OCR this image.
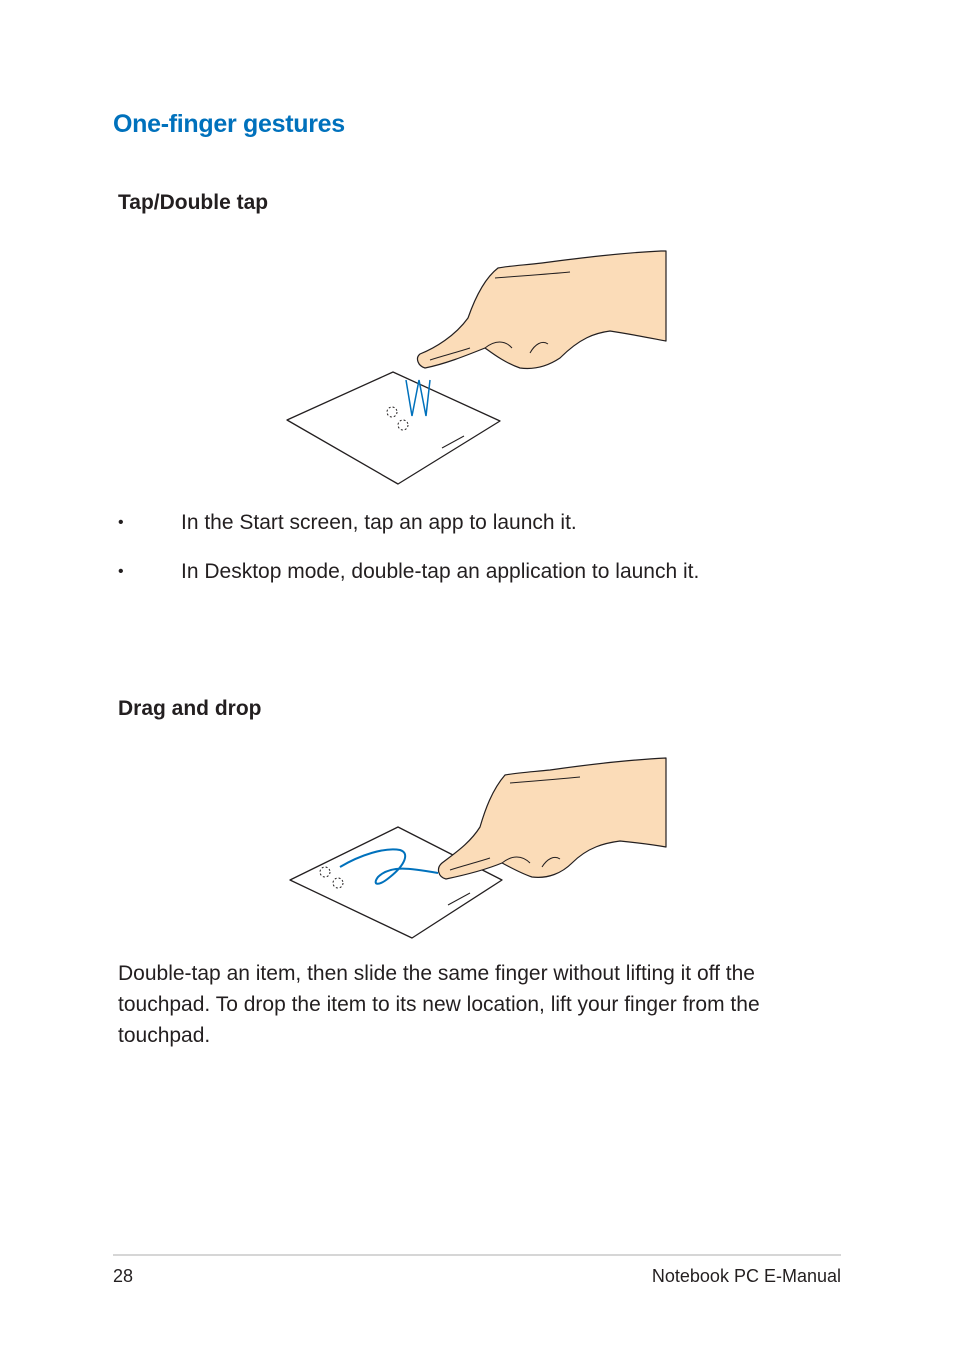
One-finger gestures
Tap/Double tap
•	In the Start screen, tap an app to launch it.
•	In Desktop mode, double-tap an application to launch it.
Drag and drop

Double-tap an item, then slide the same finger without lifting it off the touchpad. To drop the item to its new location, lift your finger from the touchpad.

28	Notebook PC E-Manual
